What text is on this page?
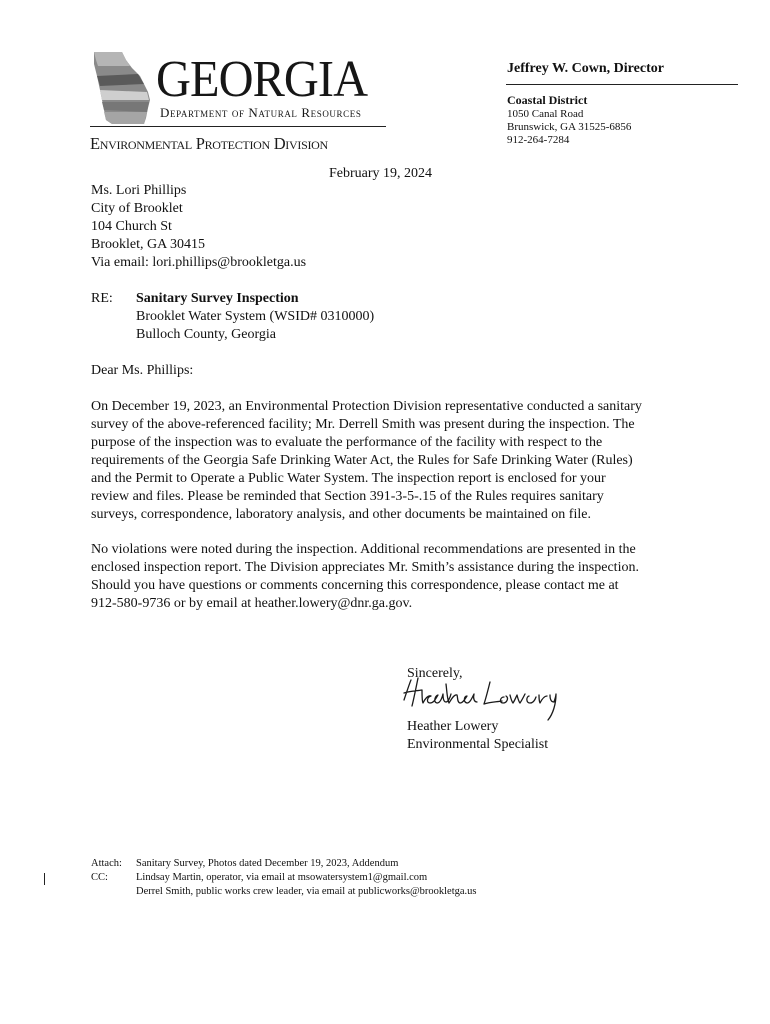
GEORGIA
Department of Natural Resources
Environmental Protection Division
Jeffrey W. Cown, Director
Coastal District
1050 Canal Road
Brunswick, GA 31525-6856
912-264-7284
February 19, 2024
Ms. Lori Phillips
City of Brooklet
104 Church St
Brooklet, GA 30415
Via email: lori.phillips@brookletga.us
RE: Sanitary Survey Inspection
Brooklet Water System (WSID# 0310000)
Bulloch County, Georgia
Dear Ms. Phillips:
On December 19, 2023, an Environmental Protection Division representative conducted a sanitary
survey of the above-referenced facility; Mr. Derrell Smith was present during the inspection. The
purpose of the inspection was to evaluate the performance of the facility with respect to the
requirements of the Georgia Safe Drinking Water Act, the Rules for Safe Drinking Water (Rules)
and the Permit to Operate a Public Water System. The inspection report is enclosed for your
review and files. Please be reminded that Section 391-3-5-.15 of the Rules requires sanitary
surveys, correspondence, laboratory analysis, and other documents be maintained on file.
No violations were noted during the inspection. Additional recommendations are presented in the
enclosed inspection report. The Division appreciates Mr. Smith’s assistance during the inspection.
Should you have questions or comments concerning this correspondence, please contact me at
912-580-9736 or by email at heather.lowery@dnr.ga.gov.
Sincerely,
Heather Lowery
Environmental Specialist
Attach: Sanitary Survey, Photos dated December 19, 2023, Addendum
CC:	Lindsay Martin, operator, via email at msowatersystem1@gmail.com
Derrel Smith, public works crew leader, via email at publicworks@brookletga.us
